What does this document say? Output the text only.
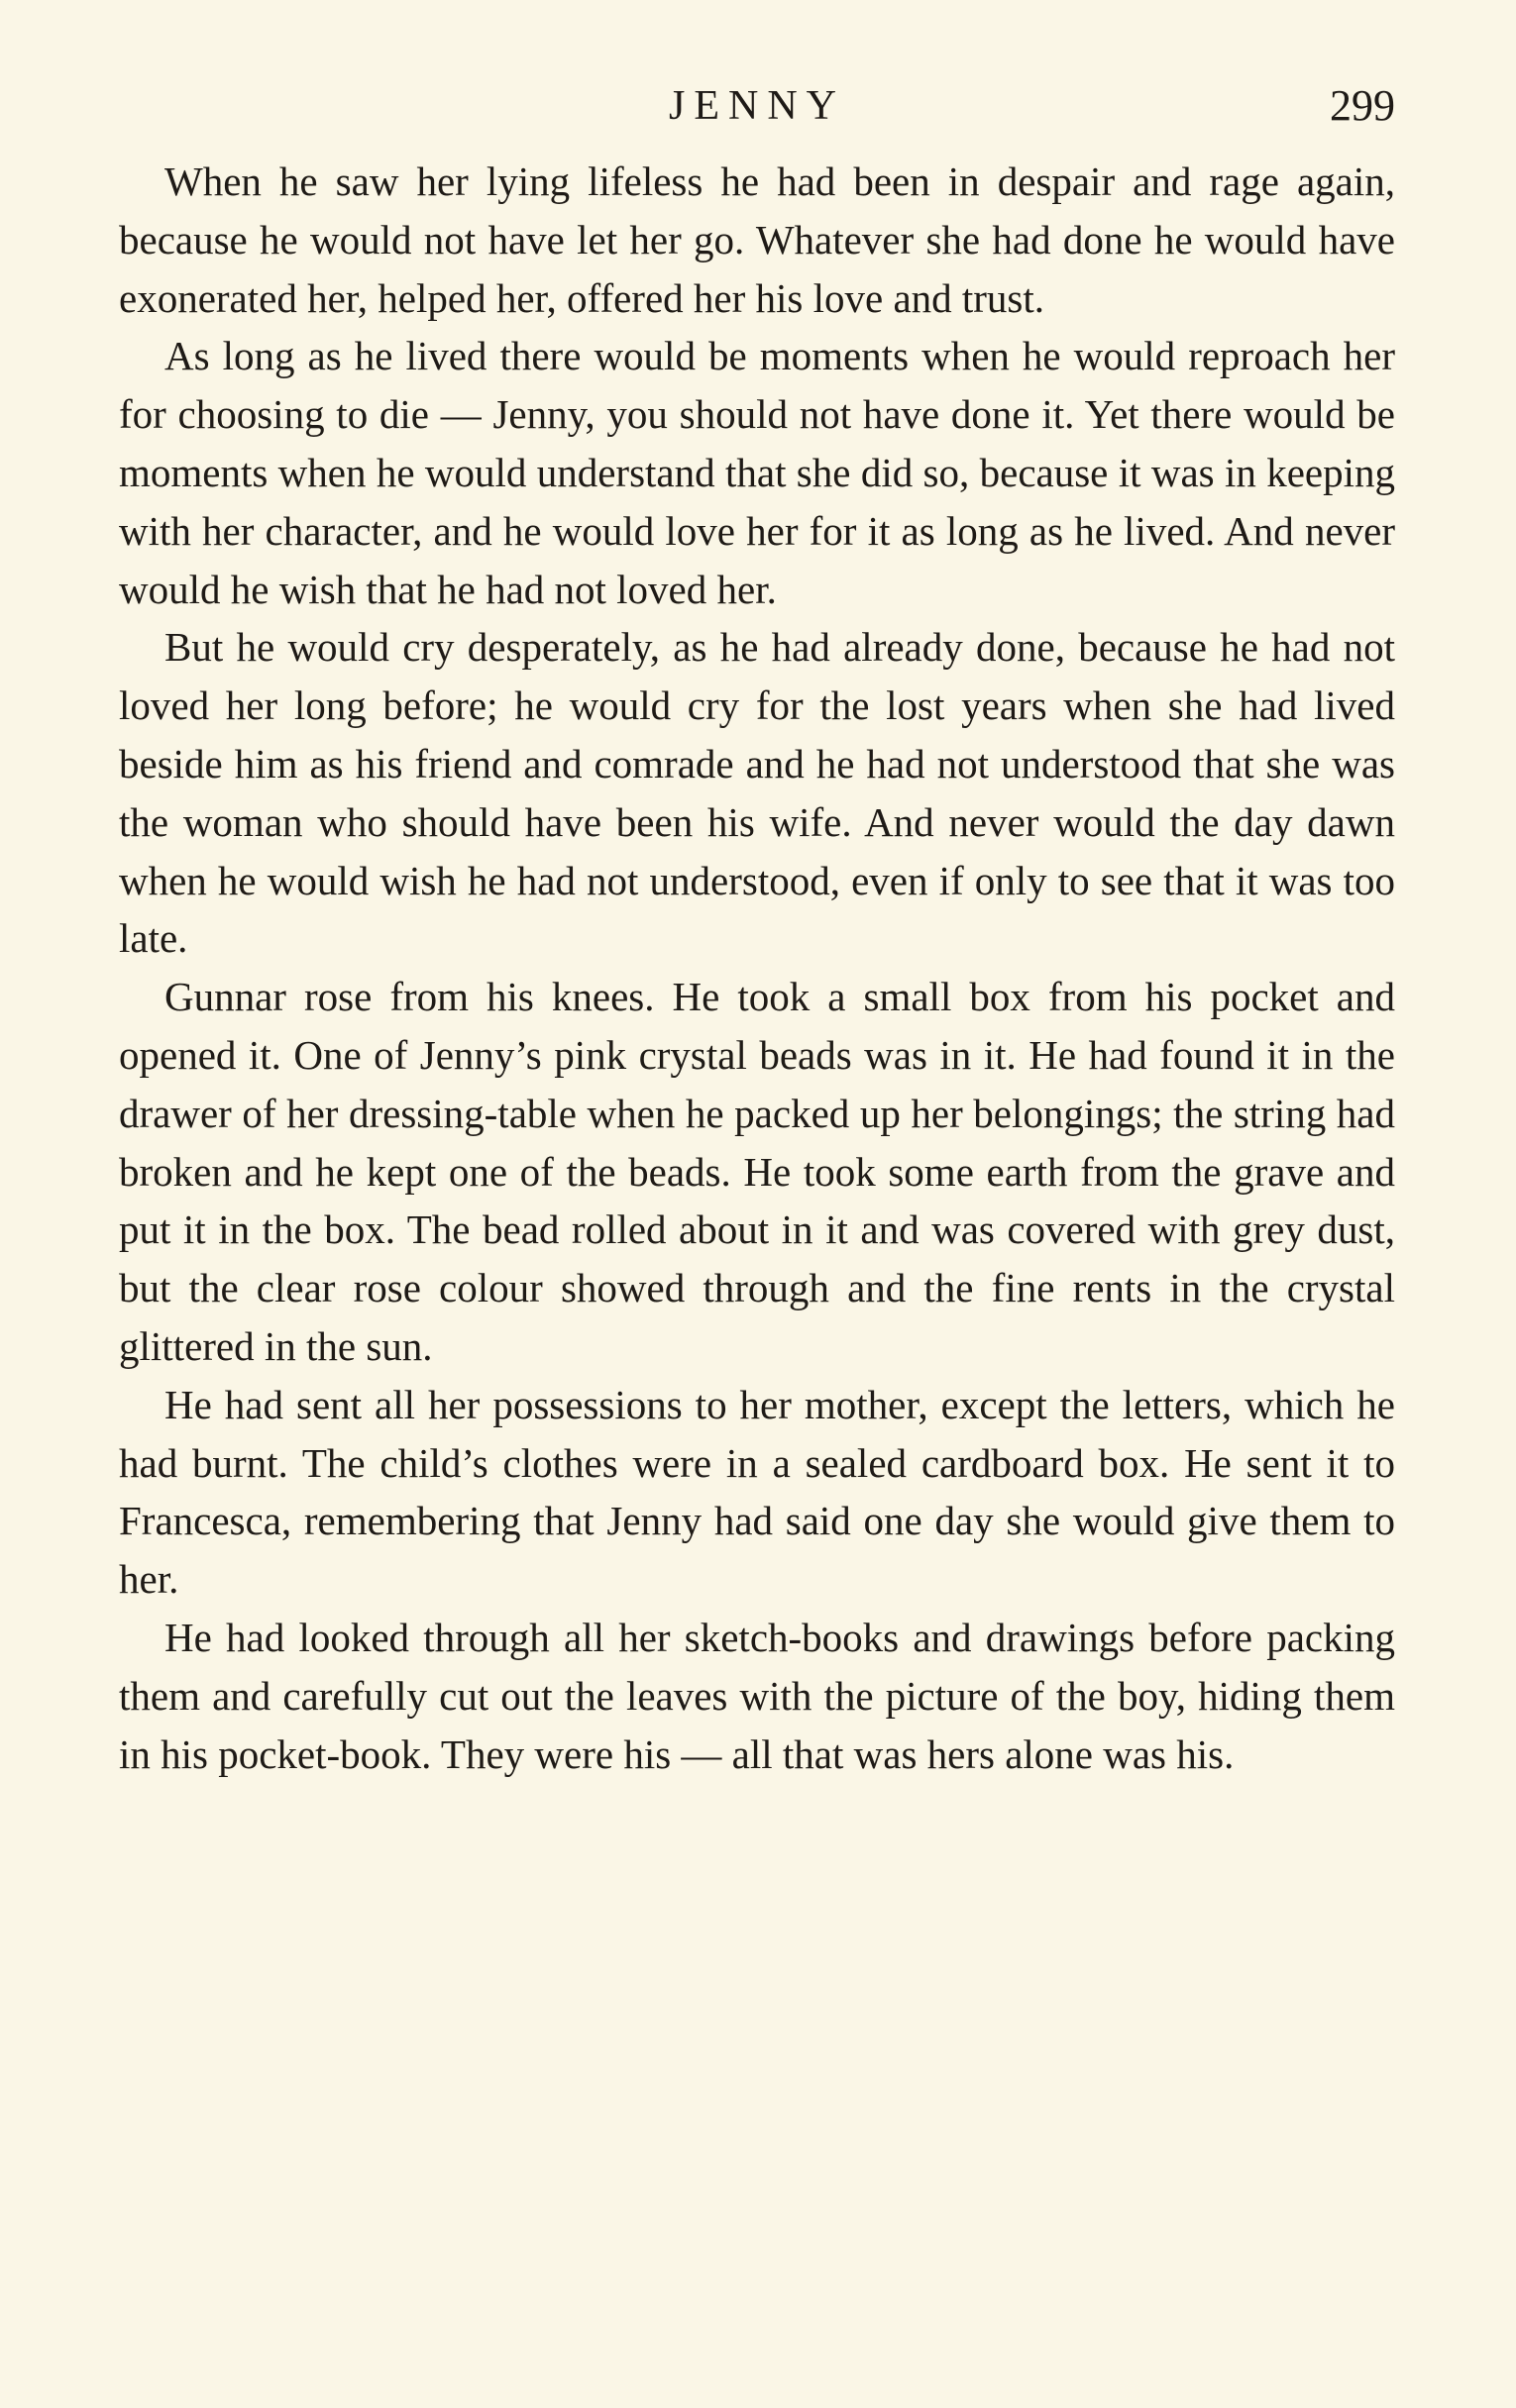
JENNY	299

When he saw her lying lifeless he had been in despair and rage again, because he would not have let her go. Whatever she had done he would have exonerated her, helped her, offered her his love and trust.

As long as he lived there would be moments when he would reproach her for choosing to die — Jenny, you should not have done it. Yet there would be moments when he would understand that she did so, because it was in keeping with her character, and he would love her for it as long as he lived. And never would he wish that he had not loved her.

But he would cry desperately, as he had already done, because he had not loved her long before; he would cry for the lost years when she had lived beside him as his friend and comrade and he had not understood that she was the woman who should have been his wife. And never would the day dawn when he would wish he had not understood, even if only to see that it was too late.

Gunnar rose from his knees. He took a small box from his pocket and opened it. One of Jenny’s pink crystal beads was in it. He had found it in the drawer of her dressing-table when he packed up her belongings; the string had broken and he kept one of the beads. He took some earth from the grave and put it in the box. The bead rolled about in it and was covered with grey dust, but the clear rose colour showed through and the fine rents in the crystal glittered in the sun.

He had sent all her possessions to her mother, except the letters, which he had burnt. The child’s clothes were in a sealed cardboard box. He sent it to Francesca, remembering that Jenny had said one day she would give them to her.

He had looked through all her sketch-books and drawings before packing them and carefully cut out the leaves with the picture of the boy, hiding them in his pocket-book. They were his — all that was hers alone was his.
